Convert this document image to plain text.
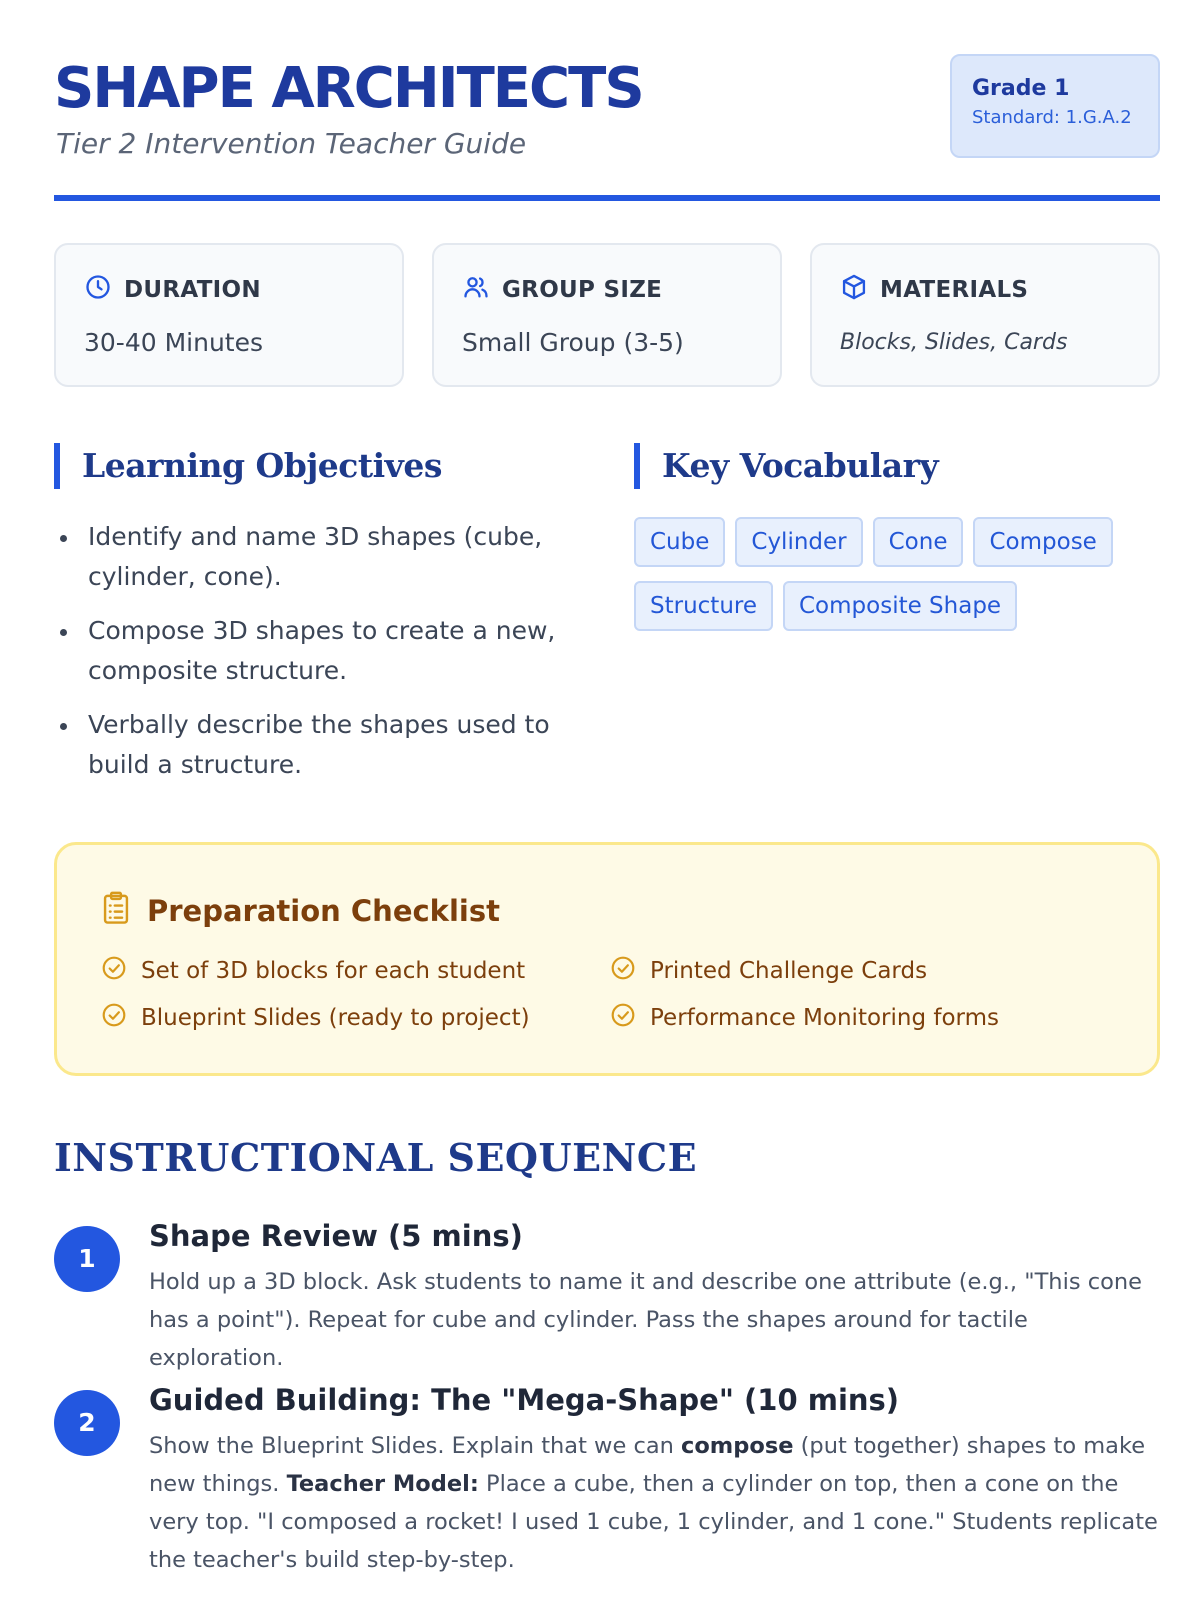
SHAPE ARCHITECTS
Tier 2 Intervention Teacher Guide
Grade 1
Standard: 1.G.A.2
DURATION
30-40 Minutes
GROUP SIZE
Small Group (3-5)
MATERIALS
Blocks, Slides, Cards
Learning Objectives
Identify and name 3D shapes (cube, cylinder, cone).
Compose 3D shapes to create a new, composite structure.
Verbally describe the shapes used to build a structure.
Key Vocabulary
Cube Cylinder Cone Compose
Structure Composite Shape
Preparation Checklist
Set of 3D blocks for each student	Printed Challenge Cards
Blueprint Slides (ready to project)	Performance Monitoring forms
INSTRUCTIONAL SEQUENCE
1
Shape Review (5 mins)
Hold up a 3D block. Ask students to name it and describe one attribute (e.g., "This cone has a point"). Repeat for cube and cylinder. Pass the shapes around for tactile exploration.
2
Guided Building: The "Mega-Shape" (10 mins)
Show the Blueprint Slides. Explain that we can compose (put together) shapes to make new things. Teacher Model: Place a cube, then a cylinder on top, then a cone on the very top. "I composed a rocket! I used 1 cube, 1 cylinder, and 1 cone." Students replicate the teacher's build step-by-step.
